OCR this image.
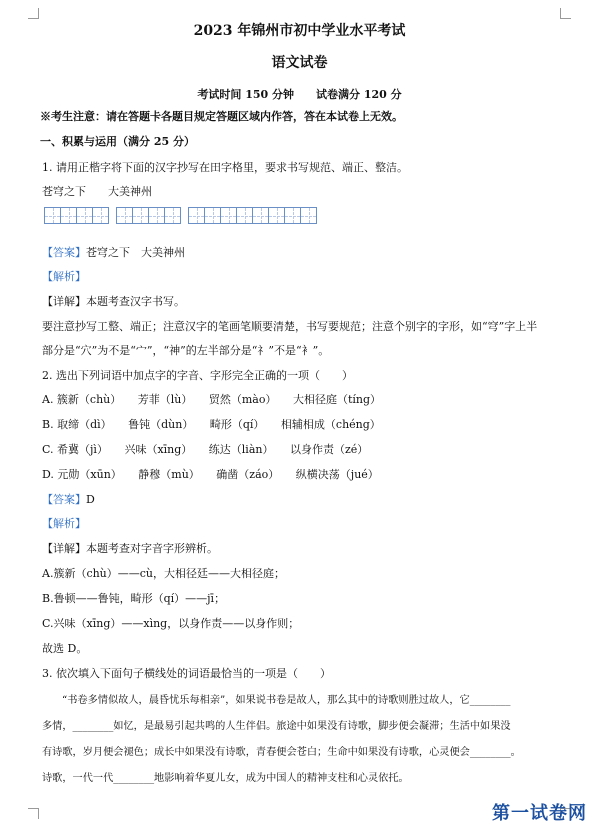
2023 年锦州市初中学业水平考试
语文试卷
考试时间 150 分钟　　试卷满分 120 分
※考生注意：请在答题卡各题目规定答题区域内作答，答在本试卷上无效。
一、积累与运用（满分 25 分）
1. 请用正楷字将下面的汉字抄写在田字格里，要求书写规范、端正、整洁。
苍穹之下　　大美神州
【答案】苍穹之下　大美神州
【解析】
【详解】本题考查汉字书写。
要注意抄写工整、端正；注意汉字的笔画笔顺要清楚，书写要规范；注意个别字的字形，如“穹”字上半
部分是“穴”为不是“宀”，“神”的左半部分是“礻”不是“衤”。
2. 选出下列词语中加点字的字音、字形完全正确的一项（　　）
A. 簇新（chù）　　芳菲（lù）　　贸然（mào）　　大相径庭（tíng）
B. 取缔（dì）　　鲁钝（dùn）　　畸形（qí）　　相辅相成（chéng）
C. 希冀（jì）　　兴味（xīng）　　练达（liàn）　　以身作责（zé）
D. 元勋（xūn）　　静穆（mù）　　确凿（záo）　　纵横决荡（jué）
【答案】D
【解析】
【详解】本题考查对字音字形辨析。
A.簇新（chù）——cù，大相径廷——大相径庭；
B.鲁顿——鲁钝，畸形（qí）——jī；
C.兴味（xīng）——xìng，以身作责——以身作则；
故选 D。
3. 依次填入下面句子横线处的词语最恰当的一项是（　　）
“书卷多情似故人，晨昏忧乐每相亲”，如果说书卷是故人，那么其中的诗歌则胜过故人，它________
多情，________如忆，是最易引起共鸣的人生伴侣。旅途中如果没有诗歌，脚步便会凝滞；生活中如果没
有诗歌，岁月便会褪色；成长中如果没有诗歌，青春便会苍白；生命中如果没有诗歌，心灵便会________。
诗歌，一代一代________地影响着华夏儿女，成为中国人的精神支柱和心灵依托。
第一试卷网
